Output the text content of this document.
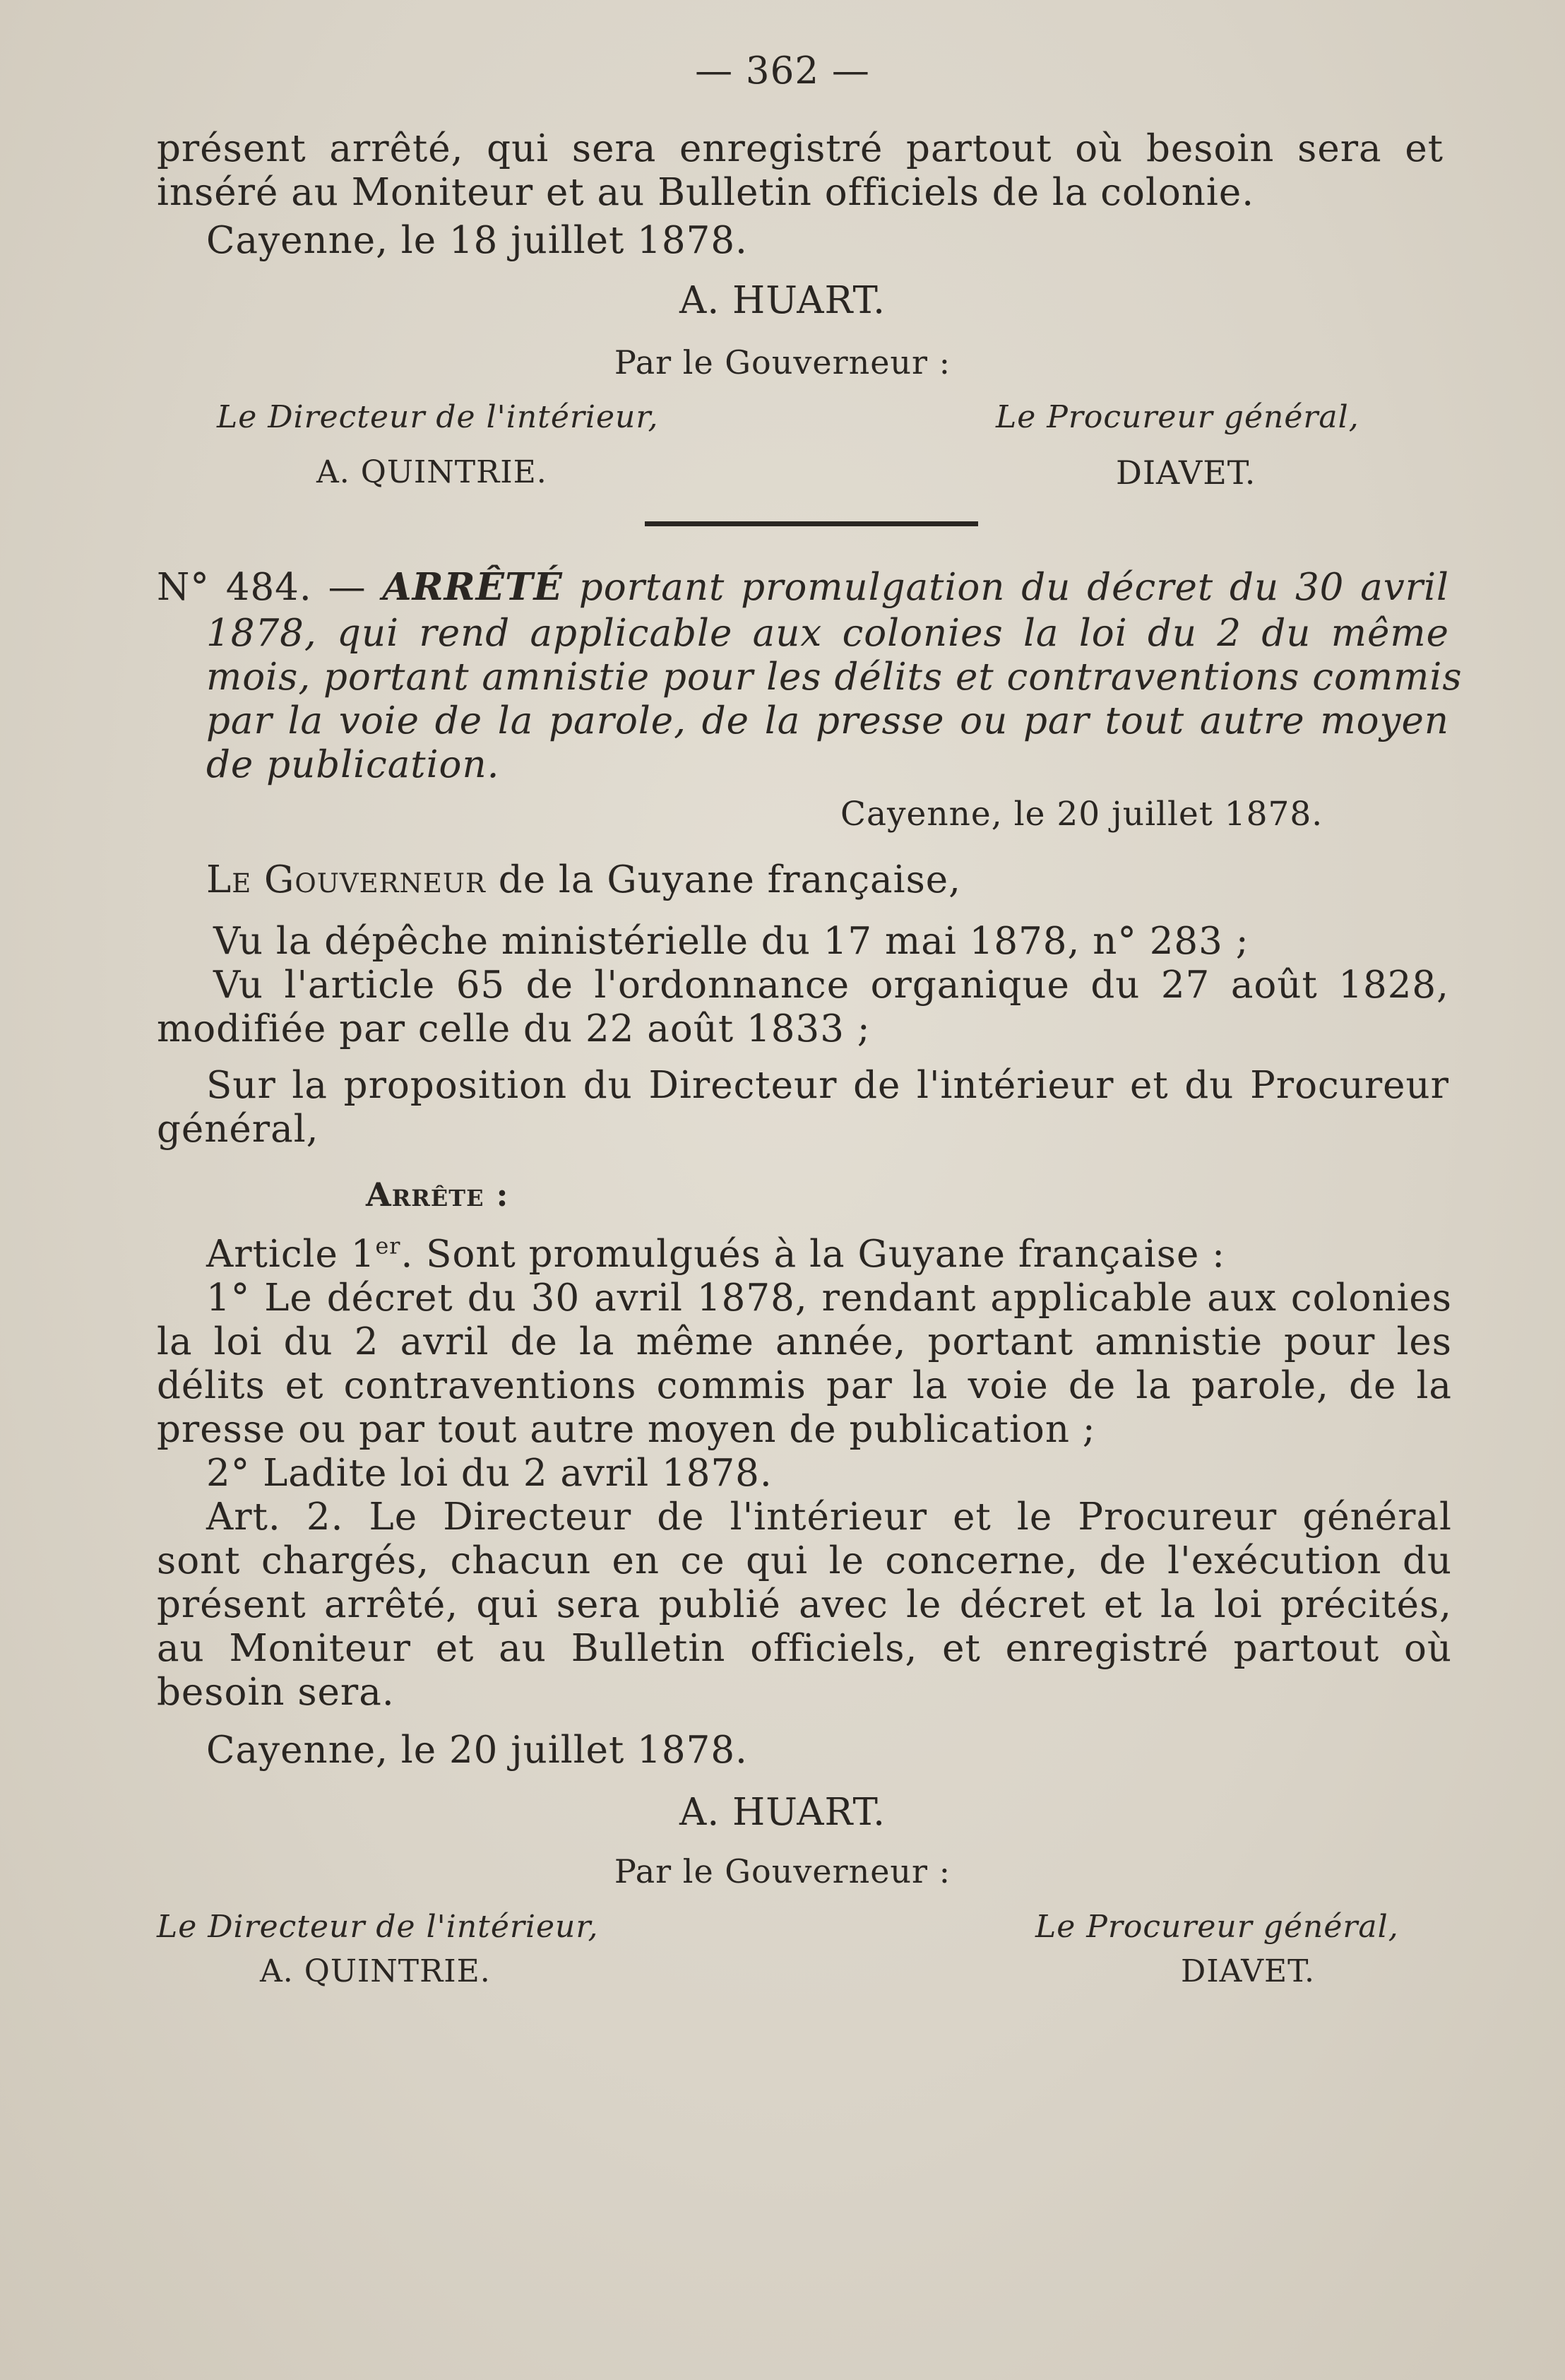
— 362 —
présent arrêté, qui sera enregistré partout où besoin sera et
inséré au Moniteur et au Bulletin officiels de la colonie.
Cayenne, le 18 juillet 1878.
A. HUART.
Par le Gouverneur :
Le Directeur de l'intérieur,	Le Procureur général,
A. QUINTRIE.	DIAVET.
N° 484. — ARRÊTÉ portant promulgation du décret du 30 avril
1878, qui rend applicable aux colonies la loi du 2 du même
mois, portant amnistie pour les délits et contraventions commis
par la voie de la parole, de la presse ou par tout autre moyen
de publication.
Cayenne, le 20 juillet 1878.
Le Gouverneur de la Guyane française,
Vu la dépêche ministérielle du 17 mai 1878, n° 283 ;
Vu l'article 65 de l'ordonnance organique du 27 août 1828,
modifiée par celle du 22 août 1833 ;
Sur la proposition du Directeur de l'intérieur et du Procureur
général,
Arrête :
Article 1er. Sont promulgués à la Guyane française :
1° Le décret du 30 avril 1878, rendant applicable aux colonies
la loi du 2 avril de la même année, portant amnistie pour les
délits et contraventions commis par la voie de la parole, de la
presse ou par tout autre moyen de publication ;
2° Ladite loi du 2 avril 1878.
Art. 2. Le Directeur de l'intérieur et le Procureur général
sont chargés, chacun en ce qui le concerne, de l'exécution du
présent arrêté, qui sera publié avec le décret et la loi précités,
au Moniteur et au Bulletin officiels, et enregistré partout où
besoin sera.
Cayenne, le 20 juillet 1878.
A. HUART.
Par le Gouverneur :
Le Directeur de l'intérieur,	Le Procureur général,
A. QUINTRIE.	DIAVET.
